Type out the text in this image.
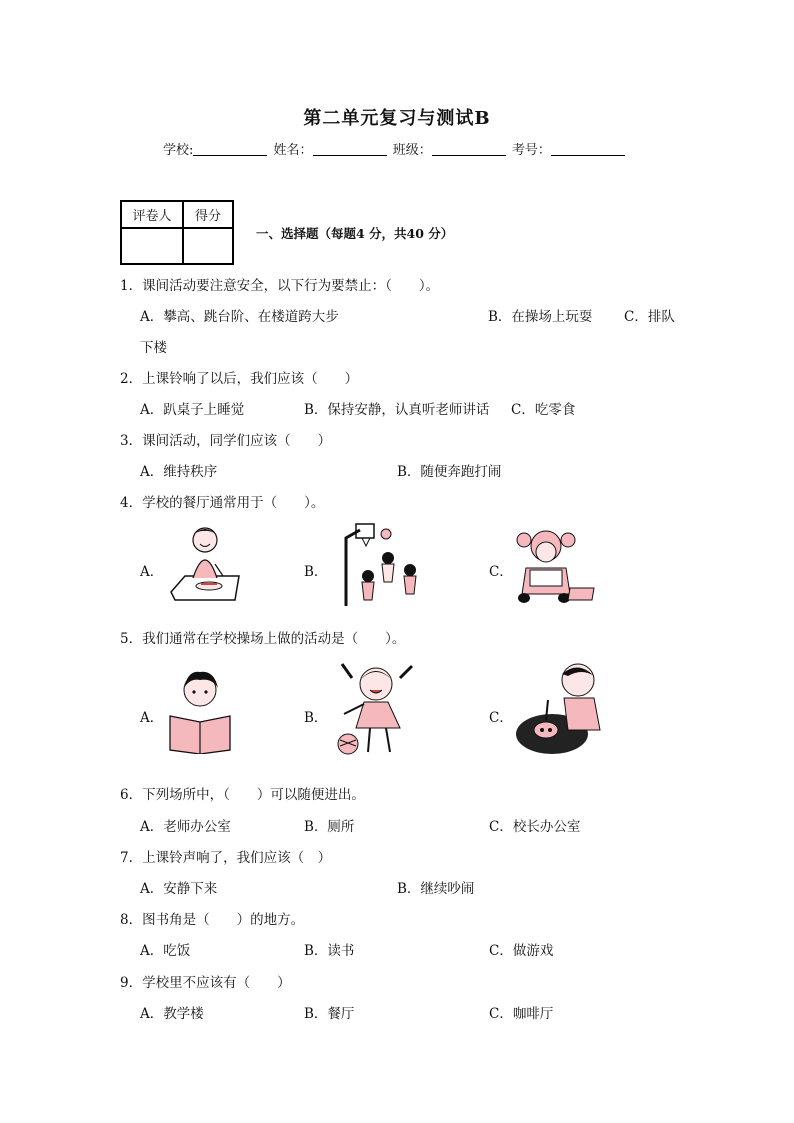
第二单元复习与测试B
学校:	姓名：	班级：	考号：
评卷人	得分

一、选择题（每题4 分，共40 分）
1．课间活动要注意安全，以下行为要禁止：（　　）。
A．攀高、跳台阶、在楼道跨大步	B．在操场上玩耍 C．排队
下楼
2．上课铃响了以后，我们应该（　　）
A．趴桌子上睡觉	B．保持安静，认真听老师讲话 C．吃零食
3．课间活动，同学们应该（　　）
A．维持秩序	B．随便奔跑打闹
4．学校的餐厅通常用于（　　）。
A．	B．	C．
5．我们通常在学校操场上做的活动是（　　）。
A．	B．	C．
6．下列场所中，（　　）可以随便进出。
A．老师办公室	B．厕所	C．校长办公室
7．上课铃声响了，我们应该（　）
A．安静下来	B．继续吵闹
8．图书角是（　　）的地方。
A．吃饭	B．读书	C．做游戏
9．学校里不应该有（　　）
A．教学楼	B．餐厅	C．咖啡厅
